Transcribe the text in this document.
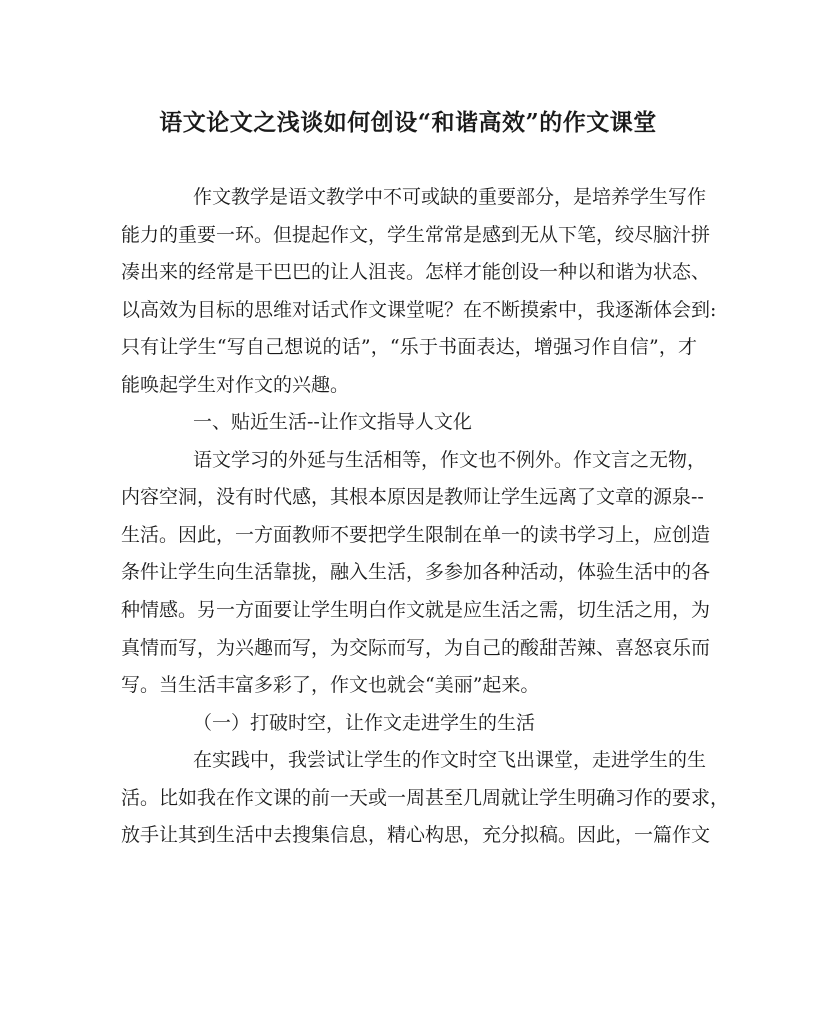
语文论文之浅谈如何创设“和谐高效”的作文课堂

作文教学是语文教学中不可或缺的重要部分，是培养学生写作

能力的重要一环。但提起作文，学生常常是感到无从下笔，绞尽脑汁拼

凑出来的经常是干巴巴的让人沮丧。怎样才能创设一种以和谐为状态、

以高效为目标的思维对话式作文课堂呢？在不断摸索中，我逐渐体会到:

只有让学生“写自己想说的话”，“乐于书面表达，增强习作自信”，才

能唤起学生对作文的兴趣。

一、贴近生活--让作文指导人文化

语文学习的外延与生活相等，作文也不例外。作文言之无物，

内容空洞，没有时代感，其根本原因是教师让学生远离了文章的源泉--

生活。因此，一方面教师不要把学生限制在单一的读书学习上，应创造

条件让学生向生活靠拢，融入生活，多参加各种活动，体验生活中的各

种情感。另一方面要让学生明白作文就是应生活之需，切生活之用，为

真情而写，为兴趣而写，为交际而写，为自己的酸甜苦辣、喜怒哀乐而

写。当生活丰富多彩了，作文也就会“美丽”起来。

（一）打破时空，让作文走进学生的生活

在实践中，我尝试让学生的作文时空飞出课堂，走进学生的生

活。比如我在作文课的前一天或一周甚至几周就让学生明确习作的要求，

放手让其到生活中去搜集信息，精心构思，充分拟稿。因此，一篇作文
